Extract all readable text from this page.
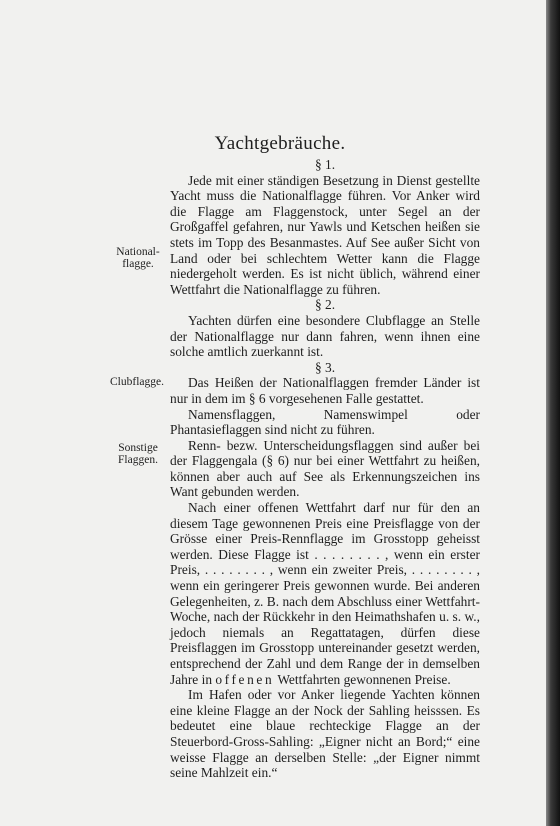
Yachtgebräuche.
National-flagge.
Clubflagge.
Sonstige Flaggen.

§ 1.

Jede mit einer ständigen Besetzung in Dienst gestellte Yacht muss die Nationalflagge führen. Vor Anker wird die Flagge am Flaggenstock, unter Segel an der Großgaffel gefahren, nur Yawls und Ketschen heißen sie stets im Topp des Besanmastes. Auf See außer Sicht von Land oder bei schlechtem Wetter kann die Flagge niedergeholt werden. Es ist nicht üblich, während einer Wettfahrt die Nationalflagge zu führen.

§ 2.

Yachten dürfen eine besondere Clubflagge an Stelle der Nationalflagge nur dann fahren, wenn ihnen eine solche amtlich zuerkannt ist.

§ 3.

Das Heißen der Nationalflaggen fremder Länder ist nur in dem im § 6 vorgesehenen Falle gestattet.

Namensflaggen, Namenswimpel oder Phantasieflaggen sind nicht zu führen.

Renn- bezw. Unterscheidungsflaggen sind außer bei der Flaggengala (§ 6) nur bei einer Wettfahrt zu heißen, können aber auch auf See als Erkennungszeichen ins Want gebunden werden.

Nach einer offenen Wettfahrt darf nur für den an diesem Tage gewonnenen Preis eine Preisflagge von der Grösse einer Preis-Rennflagge im Grosstopp geheisst werden. Diese Flagge ist . . . . . . . . , wenn ein erster Preis, . . . . . . . . , wenn ein zweiter Preis, . . . . . . . . , wenn ein geringerer Preis gewonnen wurde. Bei anderen Gelegenheiten, z. B. nach dem Abschluss einer Wettfahrt-Woche, nach der Rückkehr in den Heimathshafen u. s. w., jedoch niemals an Regattatagen, dürfen diese Preisflaggen im Grosstopp untereinander gesetzt werden, entsprechend der Zahl und dem Range der in demselben Jahre in offenen Wettfahrten gewonnenen Preise.

Im Hafen oder vor Anker liegende Yachten können eine kleine Flagge an der Nock der Sahling heisssen. Es bedeutet eine blaue rechteckige Flagge an der Steuerbord-Gross-Sahling: „Eigner nicht an Bord;“ eine weisse Flagge an derselben Stelle: „der Eigner nimmt seine Mahlzeit ein.“
